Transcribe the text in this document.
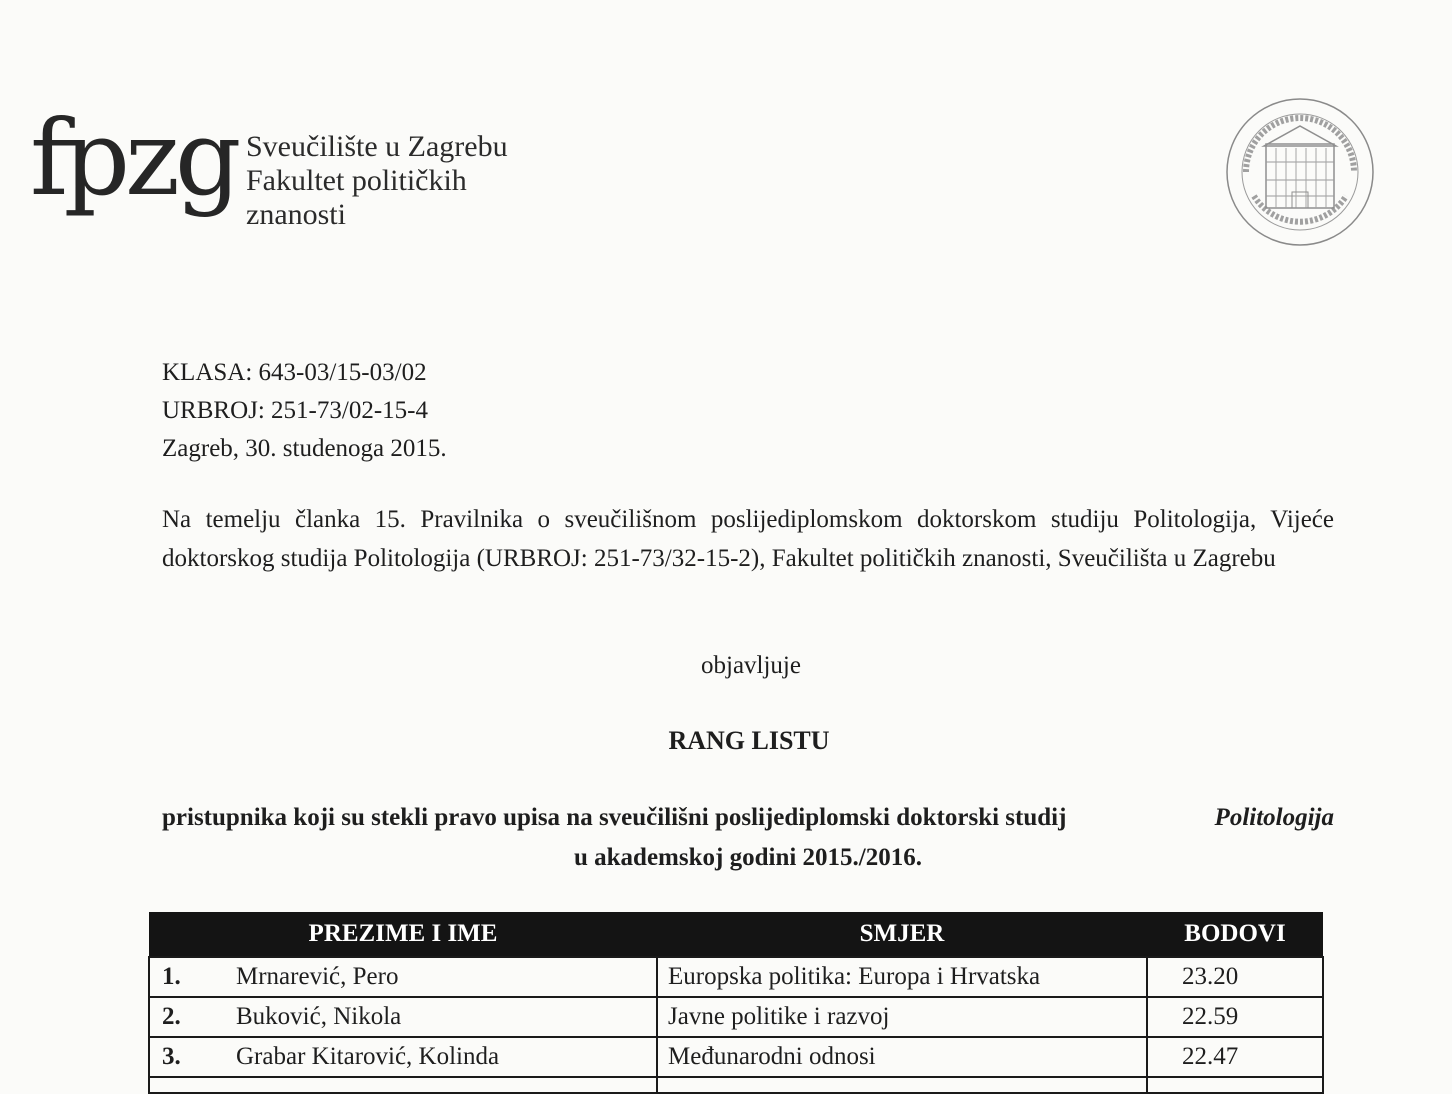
fpzg Sveučilište u Zagrebu
Fakultet političkih
znanosti
KLASA: 643-03/15-03/02
URBROJ: 251-73/02-15-4
Zagreb, 30. studenoga 2015.
Na temelju članka 15. Pravilnika o sveučilišnom poslijediplomskom doktorskom studiju Politologija, Vijeće doktorskog studija Politologija (URBROJ: 251-73/32-15-2), Fakultet političkih znanosti, Sveučilišta u Zagrebu
objavljuje
RANG LISTU
pristupnika koji su stekli pravo upisa na sveučilišni poslijediplomski doktorski studij	Politologija
u akademskoj godini 2015./2016.
PREZIME I IME		SMJER	BODOVI
1.	Mrnarević, Pero	Europska politika: Europa i Hrvatska	23.20
2.	Buković, Nikola	Javne politike i razvoj	22.59
3.	Grabar Kitarović, Kolinda	Međunarodni odnosi	22.47
